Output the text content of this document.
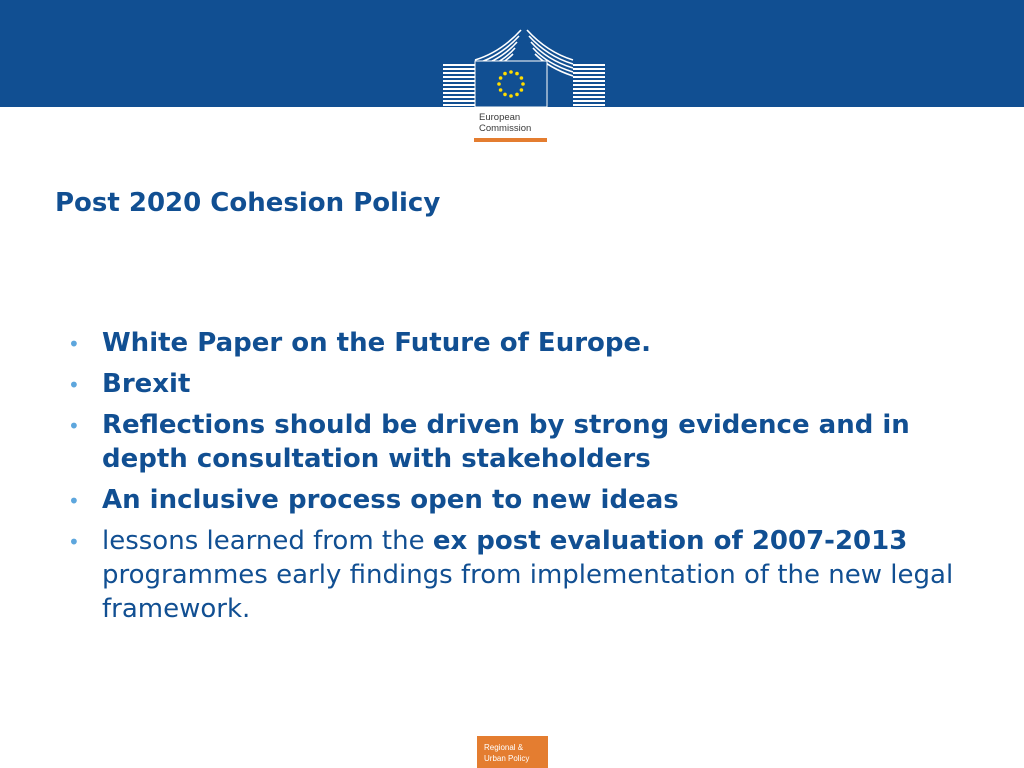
European
Commission
Post 2020 Cohesion Policy
• White Paper on the Future of Europe.
• Brexit
• Reflections should be driven by strong evidence and in depth consultation with stakeholders
• An inclusive process open to new ideas
• lessons learned from the ex post evaluation of 2007-2013 programmes early findings from implementation of the new legal framework.
Regional &
Urban Policy
